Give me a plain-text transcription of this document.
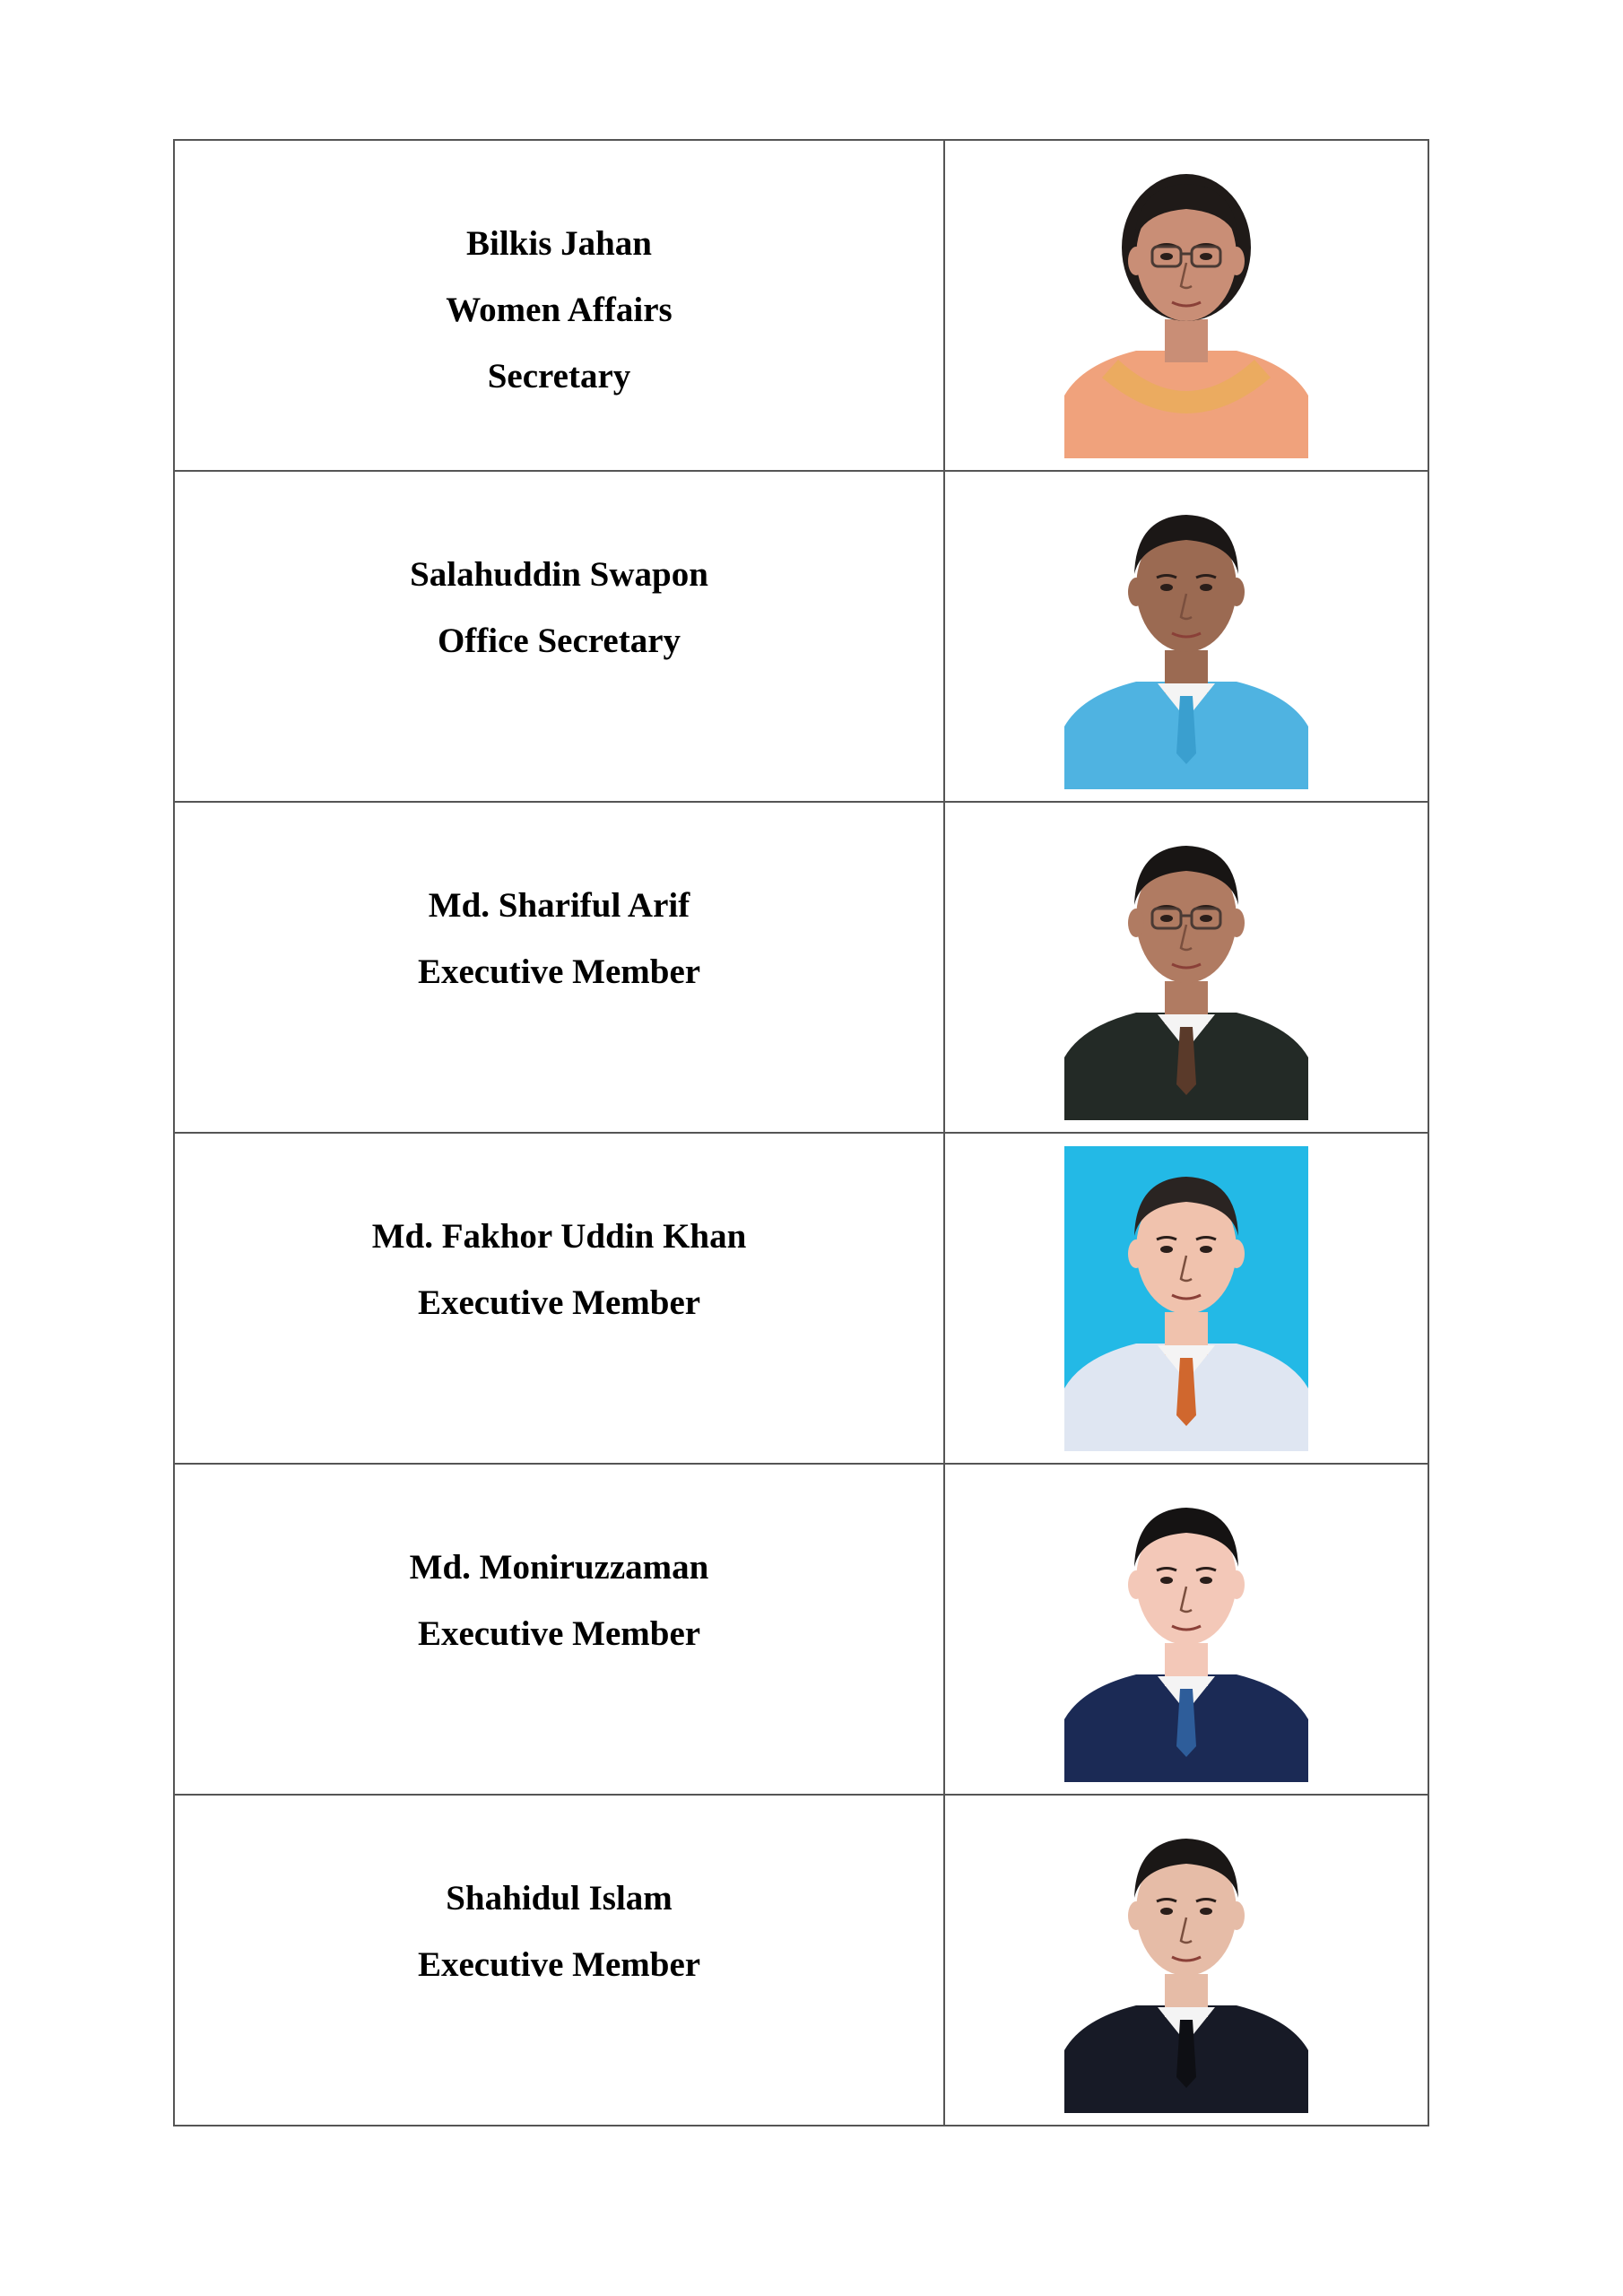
Bilkis Jahan
Women Affairs
Secretary

Salahuddin Swapon
Office Secretary

Md. Shariful Arif
Executive Member

Md. Fakhor Uddin Khan
Executive Member

Md. Moniruzzaman
Executive Member

Shahidul Islam
Executive Member
